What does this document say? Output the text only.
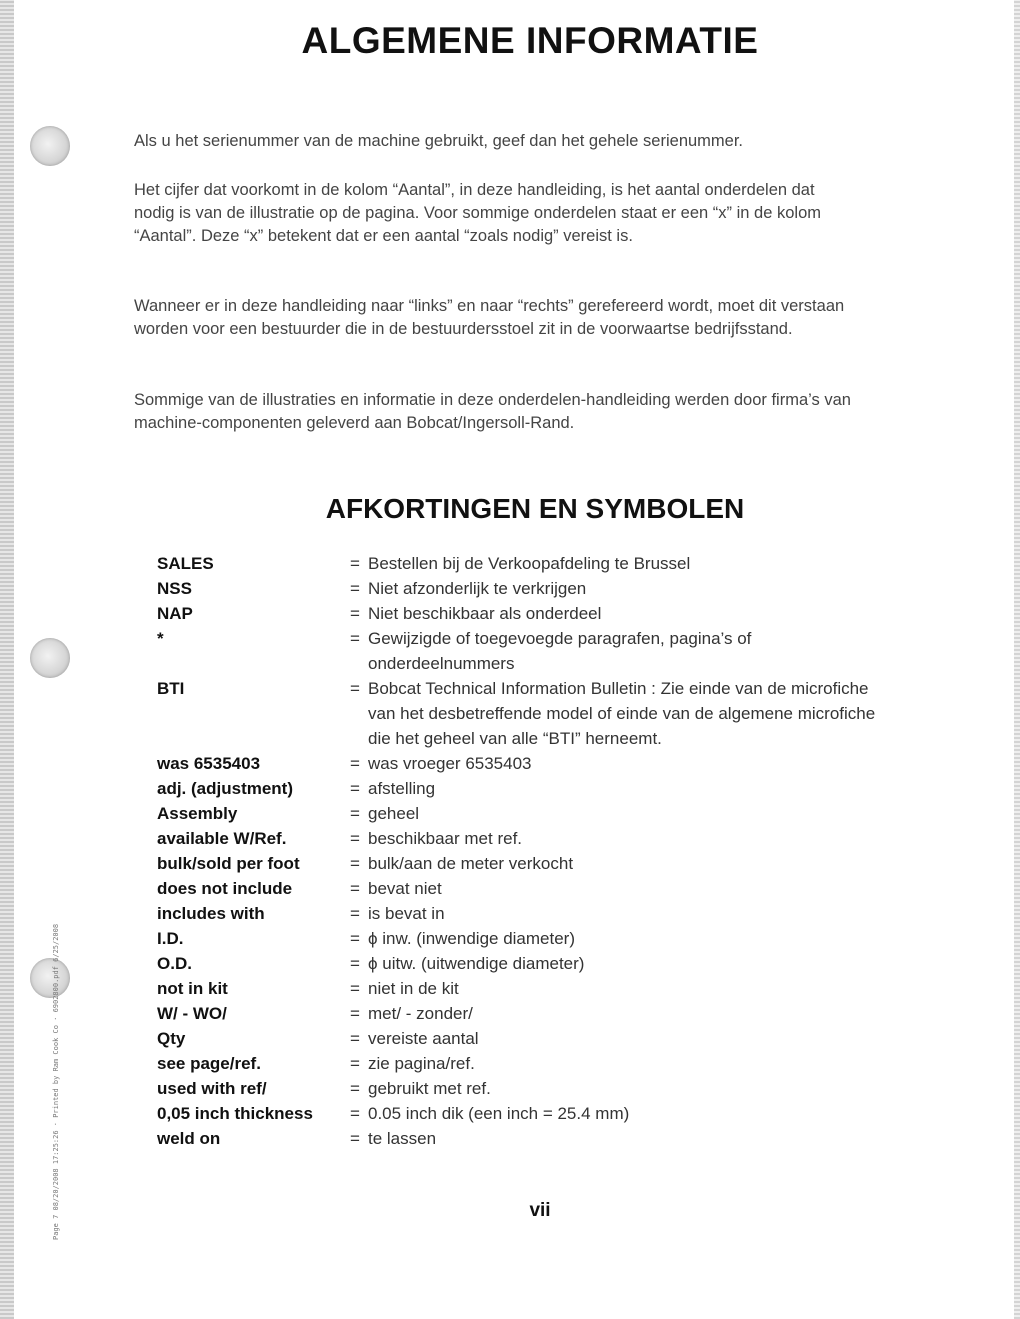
Page 7 08/20/2008 17:25:26 · Printed by Ram Cook Co · 6902800.pdf 6/25/2008
ALGEMENE INFORMATIE

Als u het serienummer van de machine gebruikt, geef dan het gehele serienummer.

Het cijfer dat voorkomt in de kolom “Aantal”, in deze handleiding, is het aantal onderdelen dat nodig is van de illustratie op de pagina. Voor sommige onderdelen staat er een “x” in de kolom “Aantal”. Deze “x” betekent dat er een aantal “zoals nodig” vereist is.

Wanneer er in deze handleiding naar “links” en naar “rechts” gerefereerd wordt, moet dit verstaan worden voor een bestuurder die in de bestuurdersstoel zit in de voorwaartse bedrijfsstand.

Sommige van de illustraties en informatie in deze onderdelen-handleiding werden door firma’s van machine-componenten geleverd aan Bobcat/Ingersoll-Rand.

AFKORTINGEN EN SYMBOLEN
SALES	= Bestellen bij de Verkoopafdeling te Brussel
NSS	= Niet afzonderlijk te verkrijgen
NAP	= Niet beschikbaar als onderdeel
*	= Gewijzigde of toegevoegde paragrafen, pagina’s of onderdeelnummers
BTI	= Bobcat Technical Information Bulletin : Zie einde van de microfiche van het desbetreffende model of einde van de algemene microfiche die het geheel van alle “BTI” herneemt.
was 6535403	= was vroeger 6535403
adj. (adjustment)	= afstelling
Assembly	= geheel
available W/Ref.	= beschikbaar met ref.
bulk/sold per foot	= bulk/aan de meter verkocht
does not include	= bevat niet
includes with	= is bevat in
I.D.	= ϕ inw. (inwendige diameter)
O.D.	= ϕ uitw. (uitwendige diameter)
not in kit	= niet in de kit
W/ - WO/	= met/ - zonder/
Qty	= vereiste aantal
see page/ref.	= zie pagina/ref.
used with ref/	= gebruikt met ref.
0,05 inch thickness	= 0.05 inch dik (een inch = 25.4 mm)
weld on	= te lassen
vii
